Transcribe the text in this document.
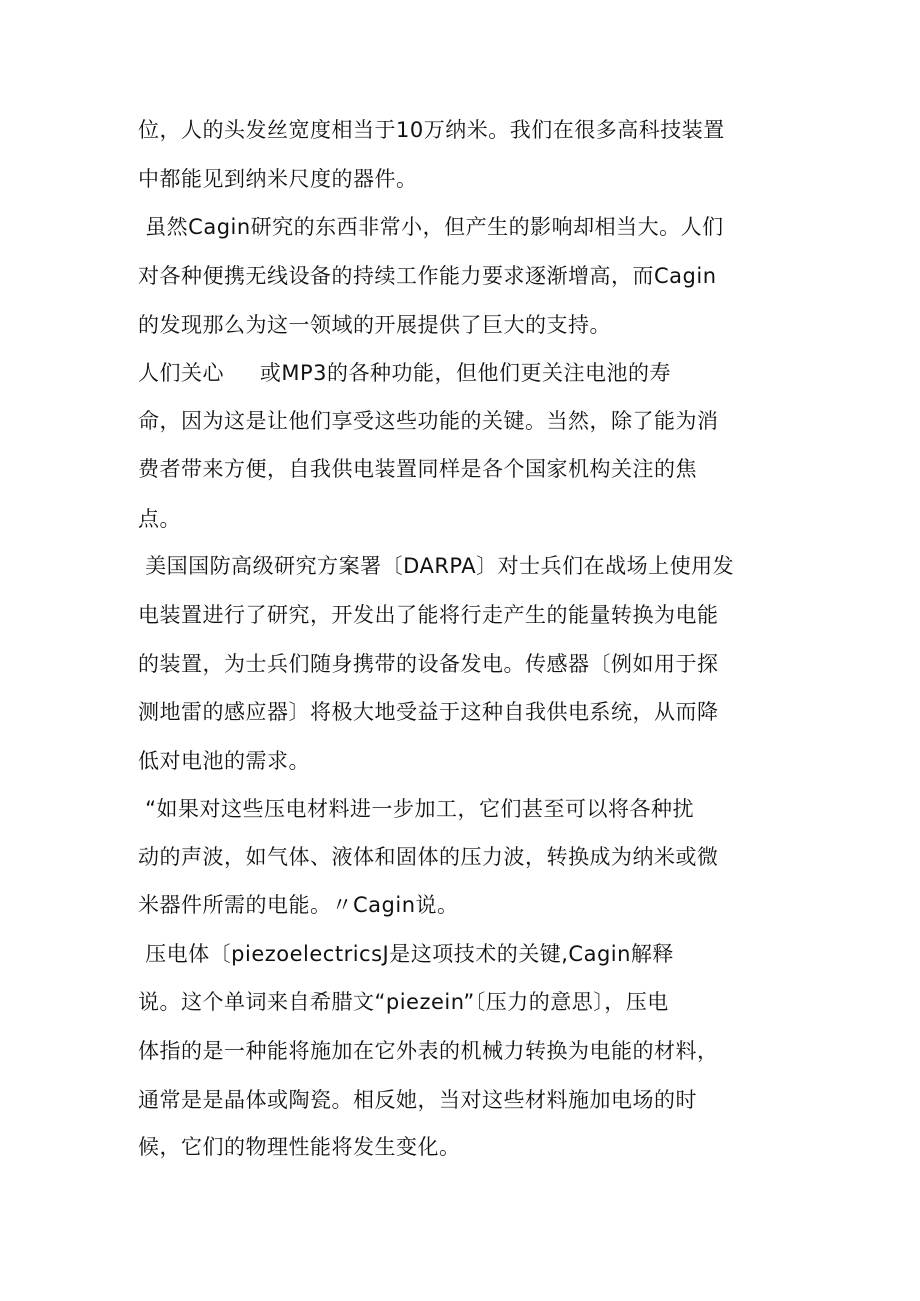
位，人的头发丝宽度相当于10万纳米。我们在很多高科技装置
中都能见到纳米尺度的器件。
虽然Cagin研究的东西非常小，但产生的影响却相当大。人们
对各种便携无线设备的持续工作能力要求逐渐增高，而Cagin
的发现那么为这一领域的开展提供了巨大的支持。
人们关心     或MP3的各种功能，但他们更关注电池的寿
命，因为这是让他们享受这些功能的关键。当然，除了能为消
费者带来方便，自我供电装置同样是各个国家机构关注的焦
点。
美国国防高级研究方案署〔DARPA〕对士兵们在战场上使用发
电装置进行了研究，开发出了能将行走产生的能量转换为电能
的装置，为士兵们随身携带的设备发电。传感器〔例如用于探
测地雷的感应器〕将极大地受益于这种自我供电系统，从而降
低对电池的需求。
“如果对这些压电材料进一步加工，它们甚至可以将各种扰
动的声波，如气体、液体和固体的压力波，转换成为纳米或微
米器件所需的电能。〃Cagin说。
压电体〔piezoelectricsJ是这项技术的关键,Cagin解释
说。这个单词来自希腊文“piezein”〔压力的意思〕，压电
体指的是一种能将施加在它外表的机械力转换为电能的材料，
通常是是晶体或陶瓷。相反她，当对这些材料施加电场的时
候，它们的物理性能将发生变化。
